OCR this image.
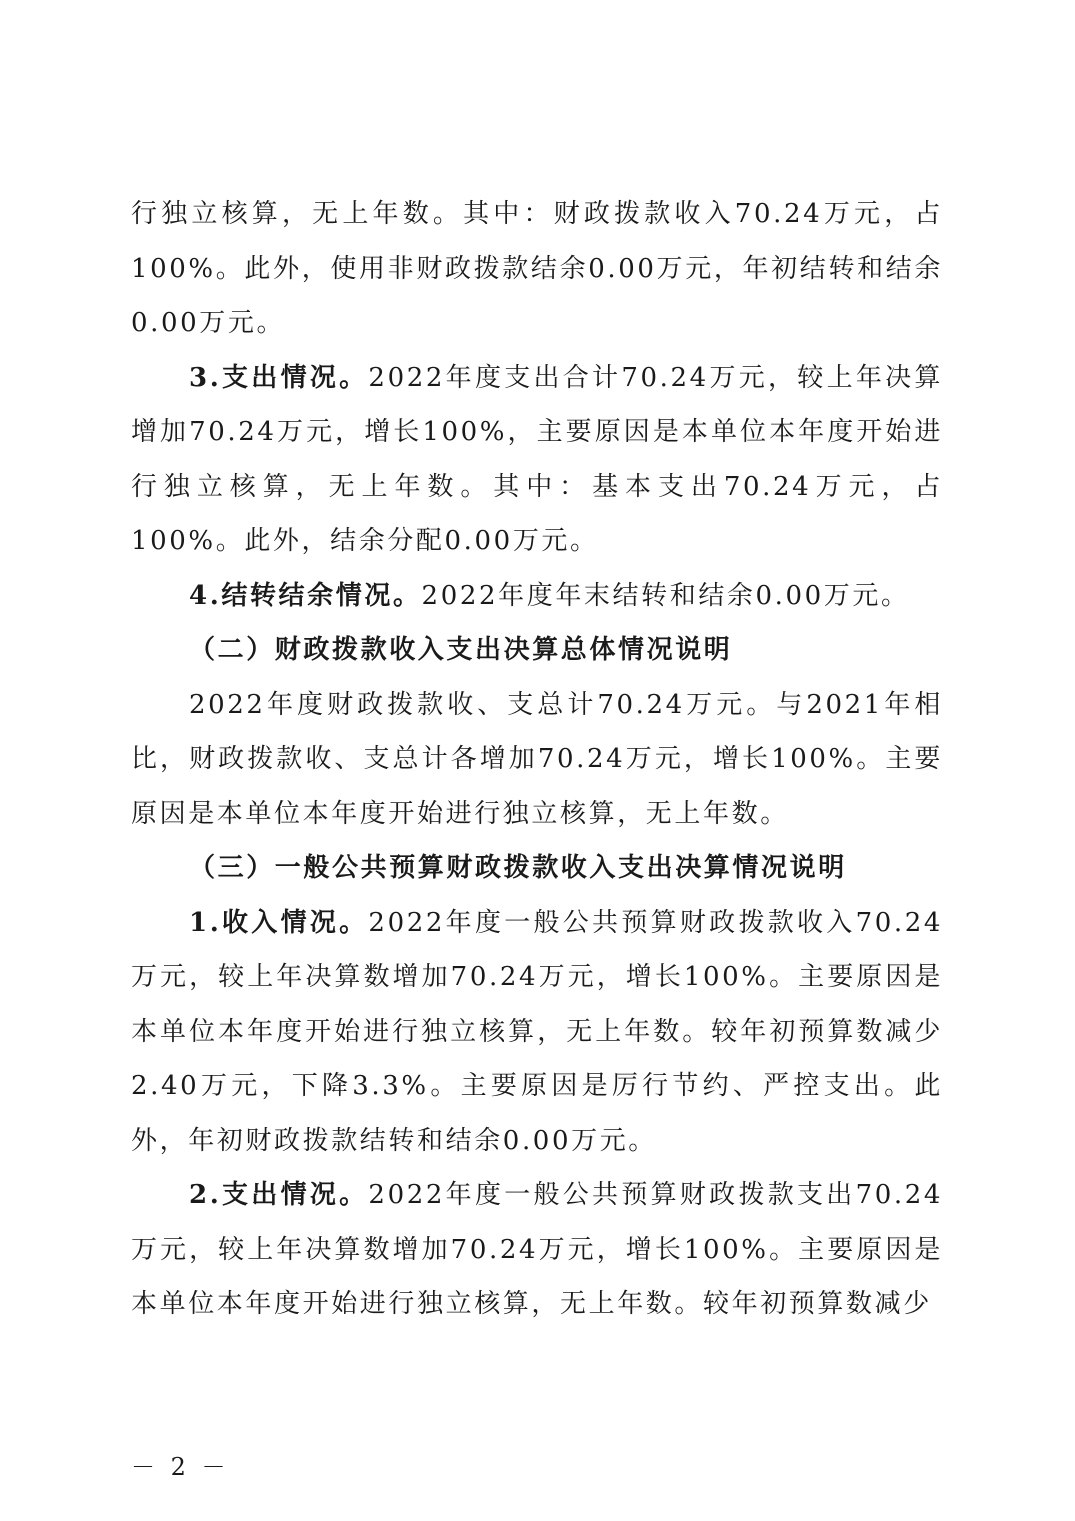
行独立核算，无上年数。其中：财政拨款收入70.24万元，占100%。此外，使用非财政拨款结余0.00万元，年初结转和结余0.00万元。

3.支出情况。2022年度支出合计70.24万元，较上年决算增加70.24万元，增长100%，主要原因是本单位本年度开始进行独立核算，无上年数。其中：基本支出70.24万元，占100%。此外，结余分配0.00万元。

4.结转结余情况。2022年度年末结转和结余0.00万元。

（二）财政拨款收入支出决算总体情况说明

2022年度财政拨款收、支总计70.24万元。与2021年相比，财政拨款收、支总计各增加70.24万元，增长100%。主要原因是本单位本年度开始进行独立核算，无上年数。

（三）一般公共预算财政拨款收入支出决算情况说明

1.收入情况。2022年度一般公共预算财政拨款收入70.24万元，较上年决算数增加70.24万元，增长100%。主要原因是本单位本年度开始进行独立核算，无上年数。较年初预算数减少2.40万元，下降3.3%。主要原因是厉行节约、严控支出。此外，年初财政拨款结转和结余0.00万元。

2.支出情况。2022年度一般公共预算财政拨款支出70.24万元，较上年决算数增加70.24万元，增长100%。主要原因是本单位本年度开始进行独立核算，无上年数。较年初预算数减少

－ 2 －
